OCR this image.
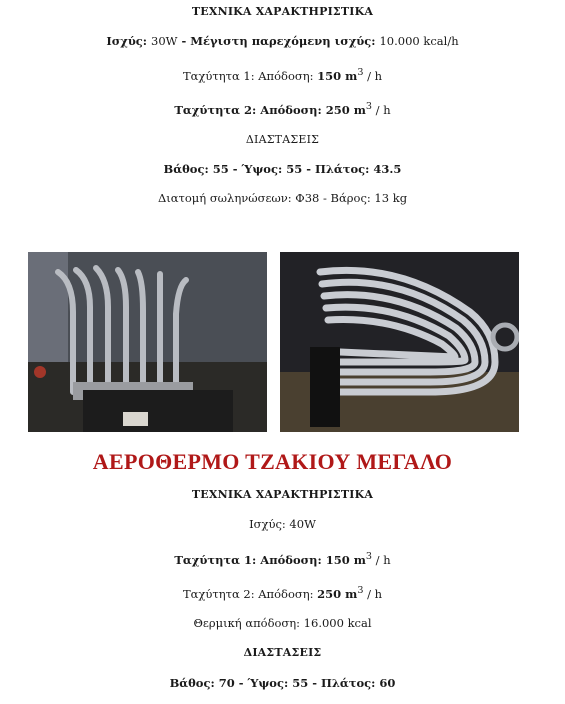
ΤΕΧΝΙΚΑ ΧΑΡΑΚΤΗΡΙΣΤΙΚΑ
Ισχύς: 30W - Μέγιστη παρεχόμενη ισχύς: 10.000 kcal/h
Ταχύτητα 1: Απόδοση: 150 $m^3$ / h
Ταχύτητα 2: Απόδοση: 250 $m^3$ / h
ΔΙΑΣΤΑΣΕΙΣ
Βάθος: 55 - Ύψος: 55 - Πλάτος: 43.5
Διατομή σωληνώσεων: Φ38 - Βάρος: 13 kg
ΑΕΡΟΘΕΡΜΟ ΤΖΑΚΙΟΥ ΜΕΓΑΛΟ
ΤΕΧΝΙΚΑ ΧΑΡΑΚΤΗΡΙΣΤΙΚΑ
Ισχύς: 40W
Ταχύτητα 1: Απόδοση: 150 $m^3$ / h
Ταχύτητα 2: Απόδοση: 250 $m^3$ / h
Θερμική απόδοση: 16.000 kcal
ΔΙΑΣΤΑΣΕΙΣ
Βάθος: 70 - Ύψος: 55 - Πλάτος: 60
